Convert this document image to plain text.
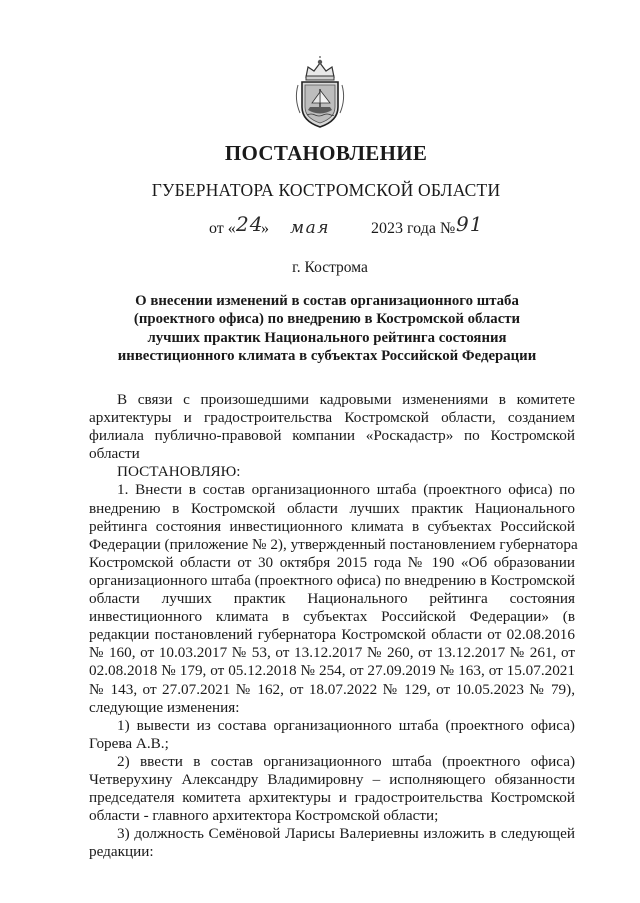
ПОСТАНОВЛЕНИЕ
ГУБЕРНАТОРА КОСТРОМСКОЙ ОБЛАСТИ
от « 24
» мая	2023 года № 91
г. Кострома
О внесении изменений в состав организационного штаба
(проектного офиса) по внедрению в Костромской области
лучших практик Национального рейтинга состояния
инвестиционного климата в субъектах Российской Федерации
В связи с произошедшими кадровыми изменениями в комитете
архитектуры и градостроительства Костромской области, созданием
филиала публично-правовой компании «Роскадастр» по Костромской
области
ПОСТАНОВЛЯЮ:
1. Внести в состав организационного штаба (проектного офиса) по
внедрению в Костромской области лучших практик Национального
рейтинга состояния инвестиционного климата в субъектах Российской
Федерации (приложение № 2), утвержденный постановлением губернатора
Костромской области от 30 октября 2015 года № 190 «Об образовании
организационного штаба (проектного офиса) по внедрению в Костромской
области лучших практик Национального рейтинга состояния
инвестиционного климата в субъектах Российской Федерации» (в
редакции постановлений губернатора Костромской области от 02.08.2016
№ 160, от 10.03.2017 № 53, от 13.12.2017 № 260, от 13.12.2017 № 261, от
02.08.2018 № 179, от 05.12.2018 № 254, от 27.09.2019 № 163, от 15.07.2021
№ 143, от 27.07.2021 № 162, от 18.07.2022 № 129, от 10.05.2023 № 79),
следующие изменения:
1) вывести из состава организационного штаба (проектного офиса)
Горева А.В.;
2) ввести в состав организационного штаба (проектного офиса)
Четверухину Александру Владимировну – исполняющего обязанности
председателя комитета архитектуры и градостроительства Костромской
области - главного архитектора Костромской области;
3) должность Семёновой Ларисы Валериевны изложить в следующей
редакции:
